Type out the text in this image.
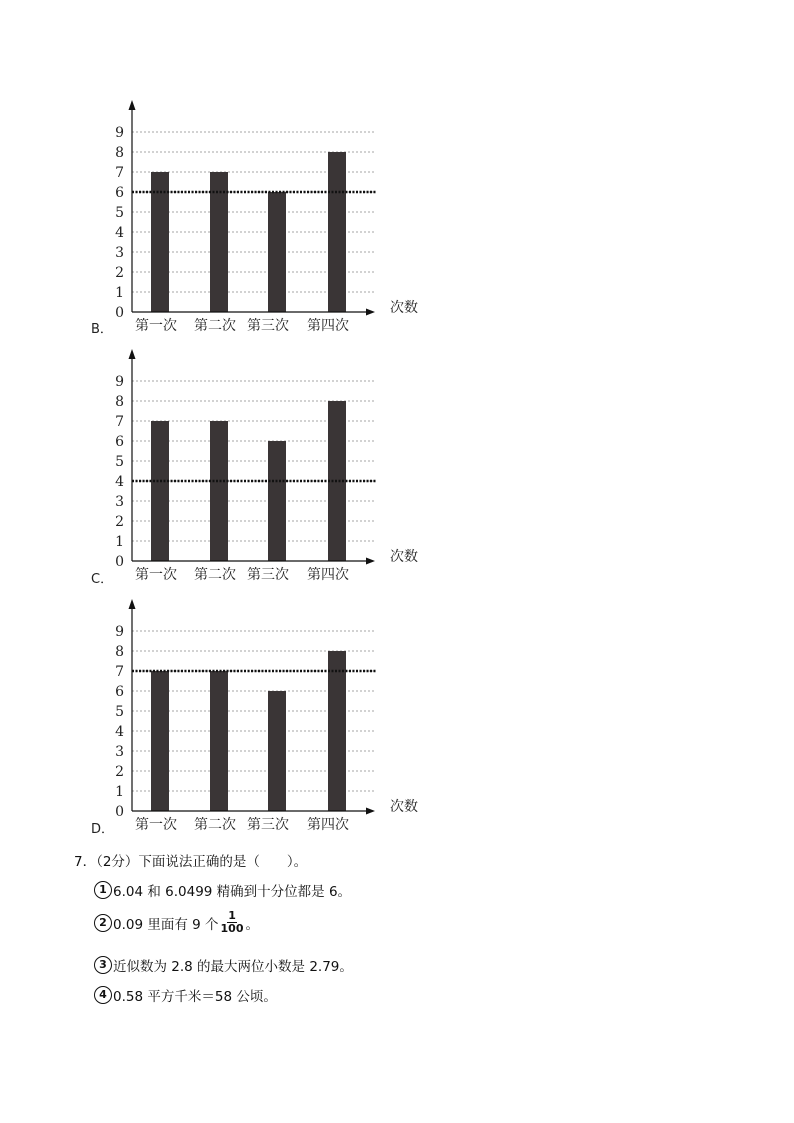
0
1
2
3
4
5
6
7
8
9
第一次 第二次 第三次 第四次
次数
B．
0
1
2
3
4
5
6
7
8
9
第一次 第二次 第三次 第四次
次数
C．
0
1
2
3
4
5
6
7
8
9
第一次 第二次 第三次 第四次
次数
D．
7．（2分）下面说法正确的是（　　）。
1 6.04 和 6.0499 精确到十分位都是 6。
2 0.09 里面有 9 个 $\frac{1}{100}$ 。
3 近似数为 2.8 的最大两位小数是 2.79。
4 0.58 平方千米＝58 公顷。
